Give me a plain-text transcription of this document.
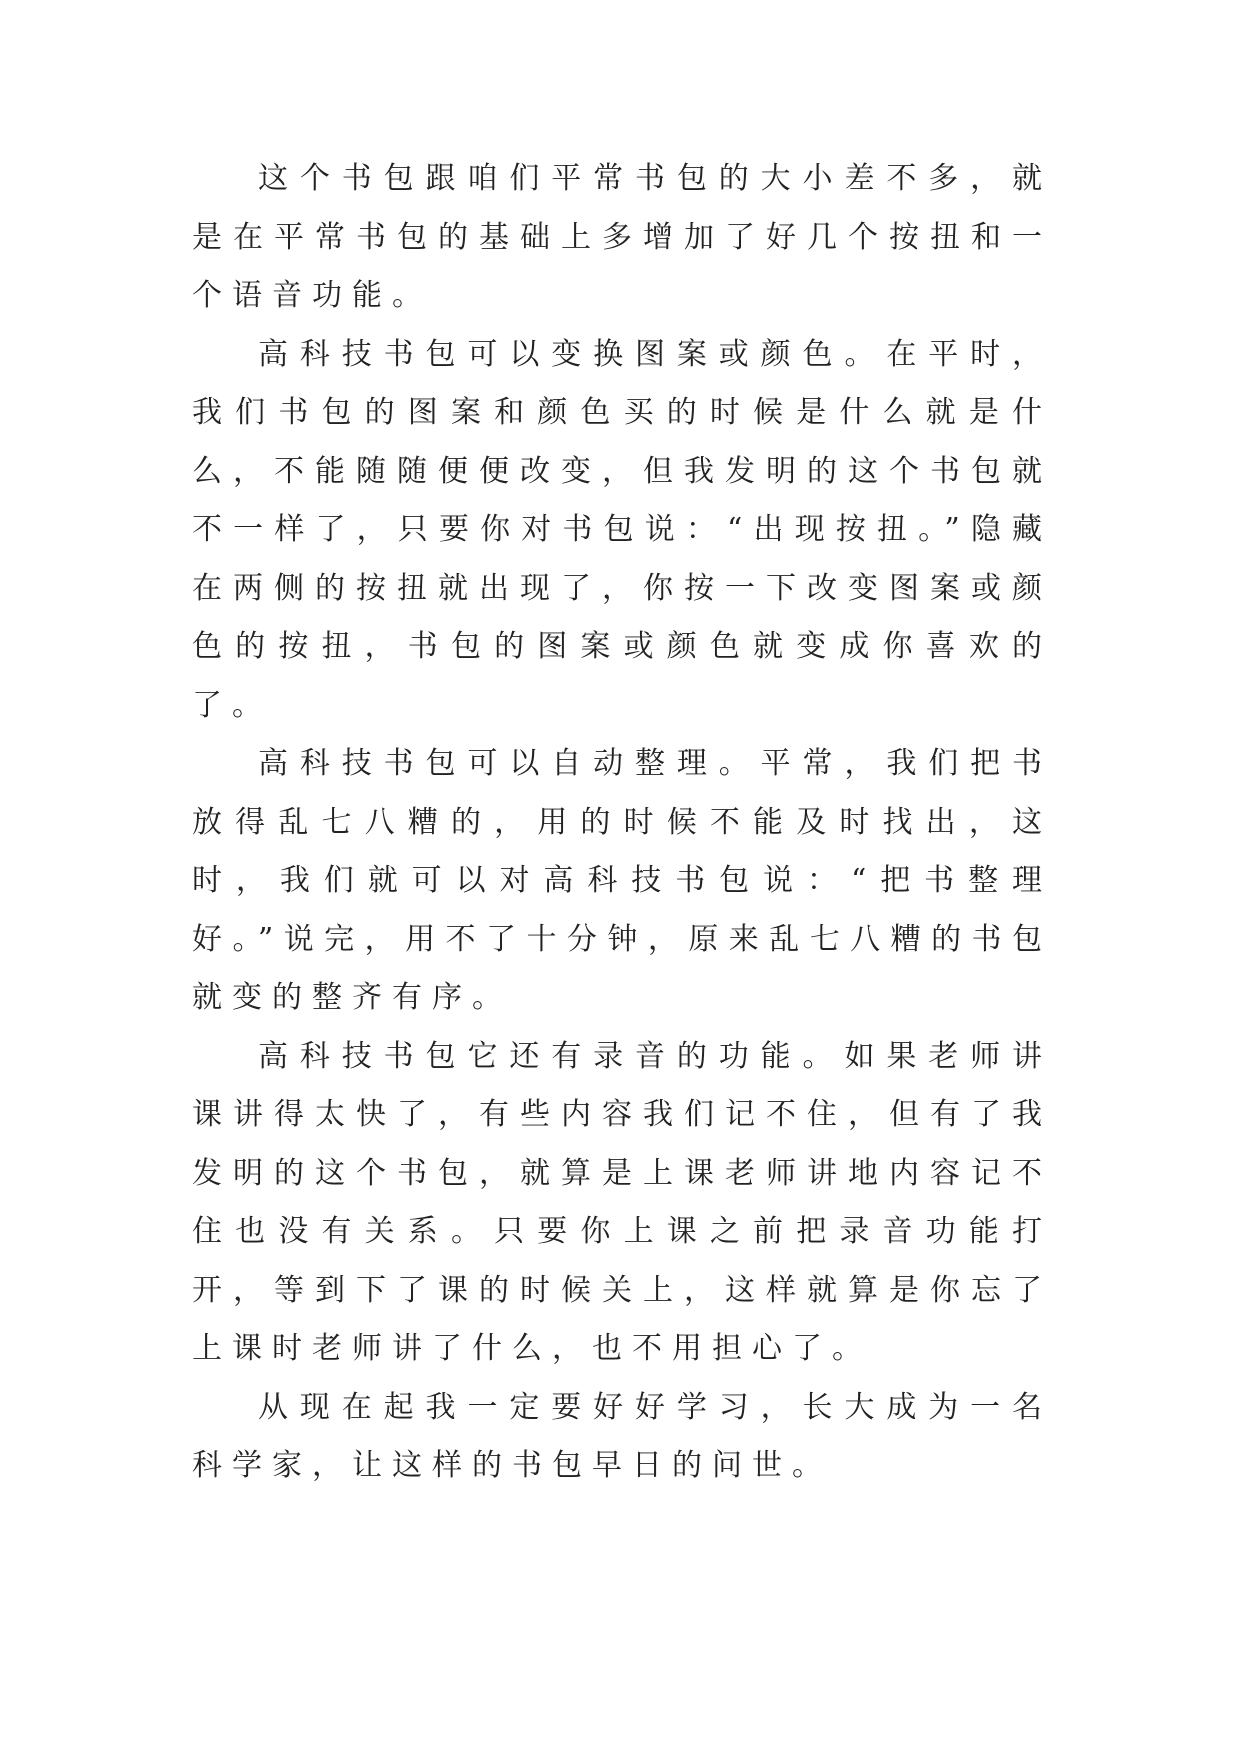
这个书包跟咱们平常书包的大小差不多，就是在平常书包的基础上多增加了好几个按扭和一个语音功能。

高科技书包可以变换图案或颜色。在平时，我们书包的图案和颜色买的时候是什么就是什么，不能随随便便改变，但我发明的这个书包就不一样了，只要你对书包说：“出现按扭。”隐藏在两侧的按扭就出现了，你按一下改变图案或颜色的按扭，书包的图案或颜色就变成你喜欢的了。

高科技书包可以自动整理。平常，我们把书放得乱七八糟的，用的时候不能及时找出，这时，我们就可以对高科技书包说：“把书整理好。”说完，用不了十分钟，原来乱七八糟的书包就变的整齐有序。

高科技书包它还有录音的功能。如果老师讲课讲得太快了，有些内容我们记不住，但有了我发明的这个书包，就算是上课老师讲地内容记不住也没有关系。只要你上课之前把录音功能打开，等到下了课的时候关上，这样就算是你忘了上课时老师讲了什么，也不用担心了。

从现在起我一定要好好学习，长大成为一名科学家，让这样的书包早日的问世。
